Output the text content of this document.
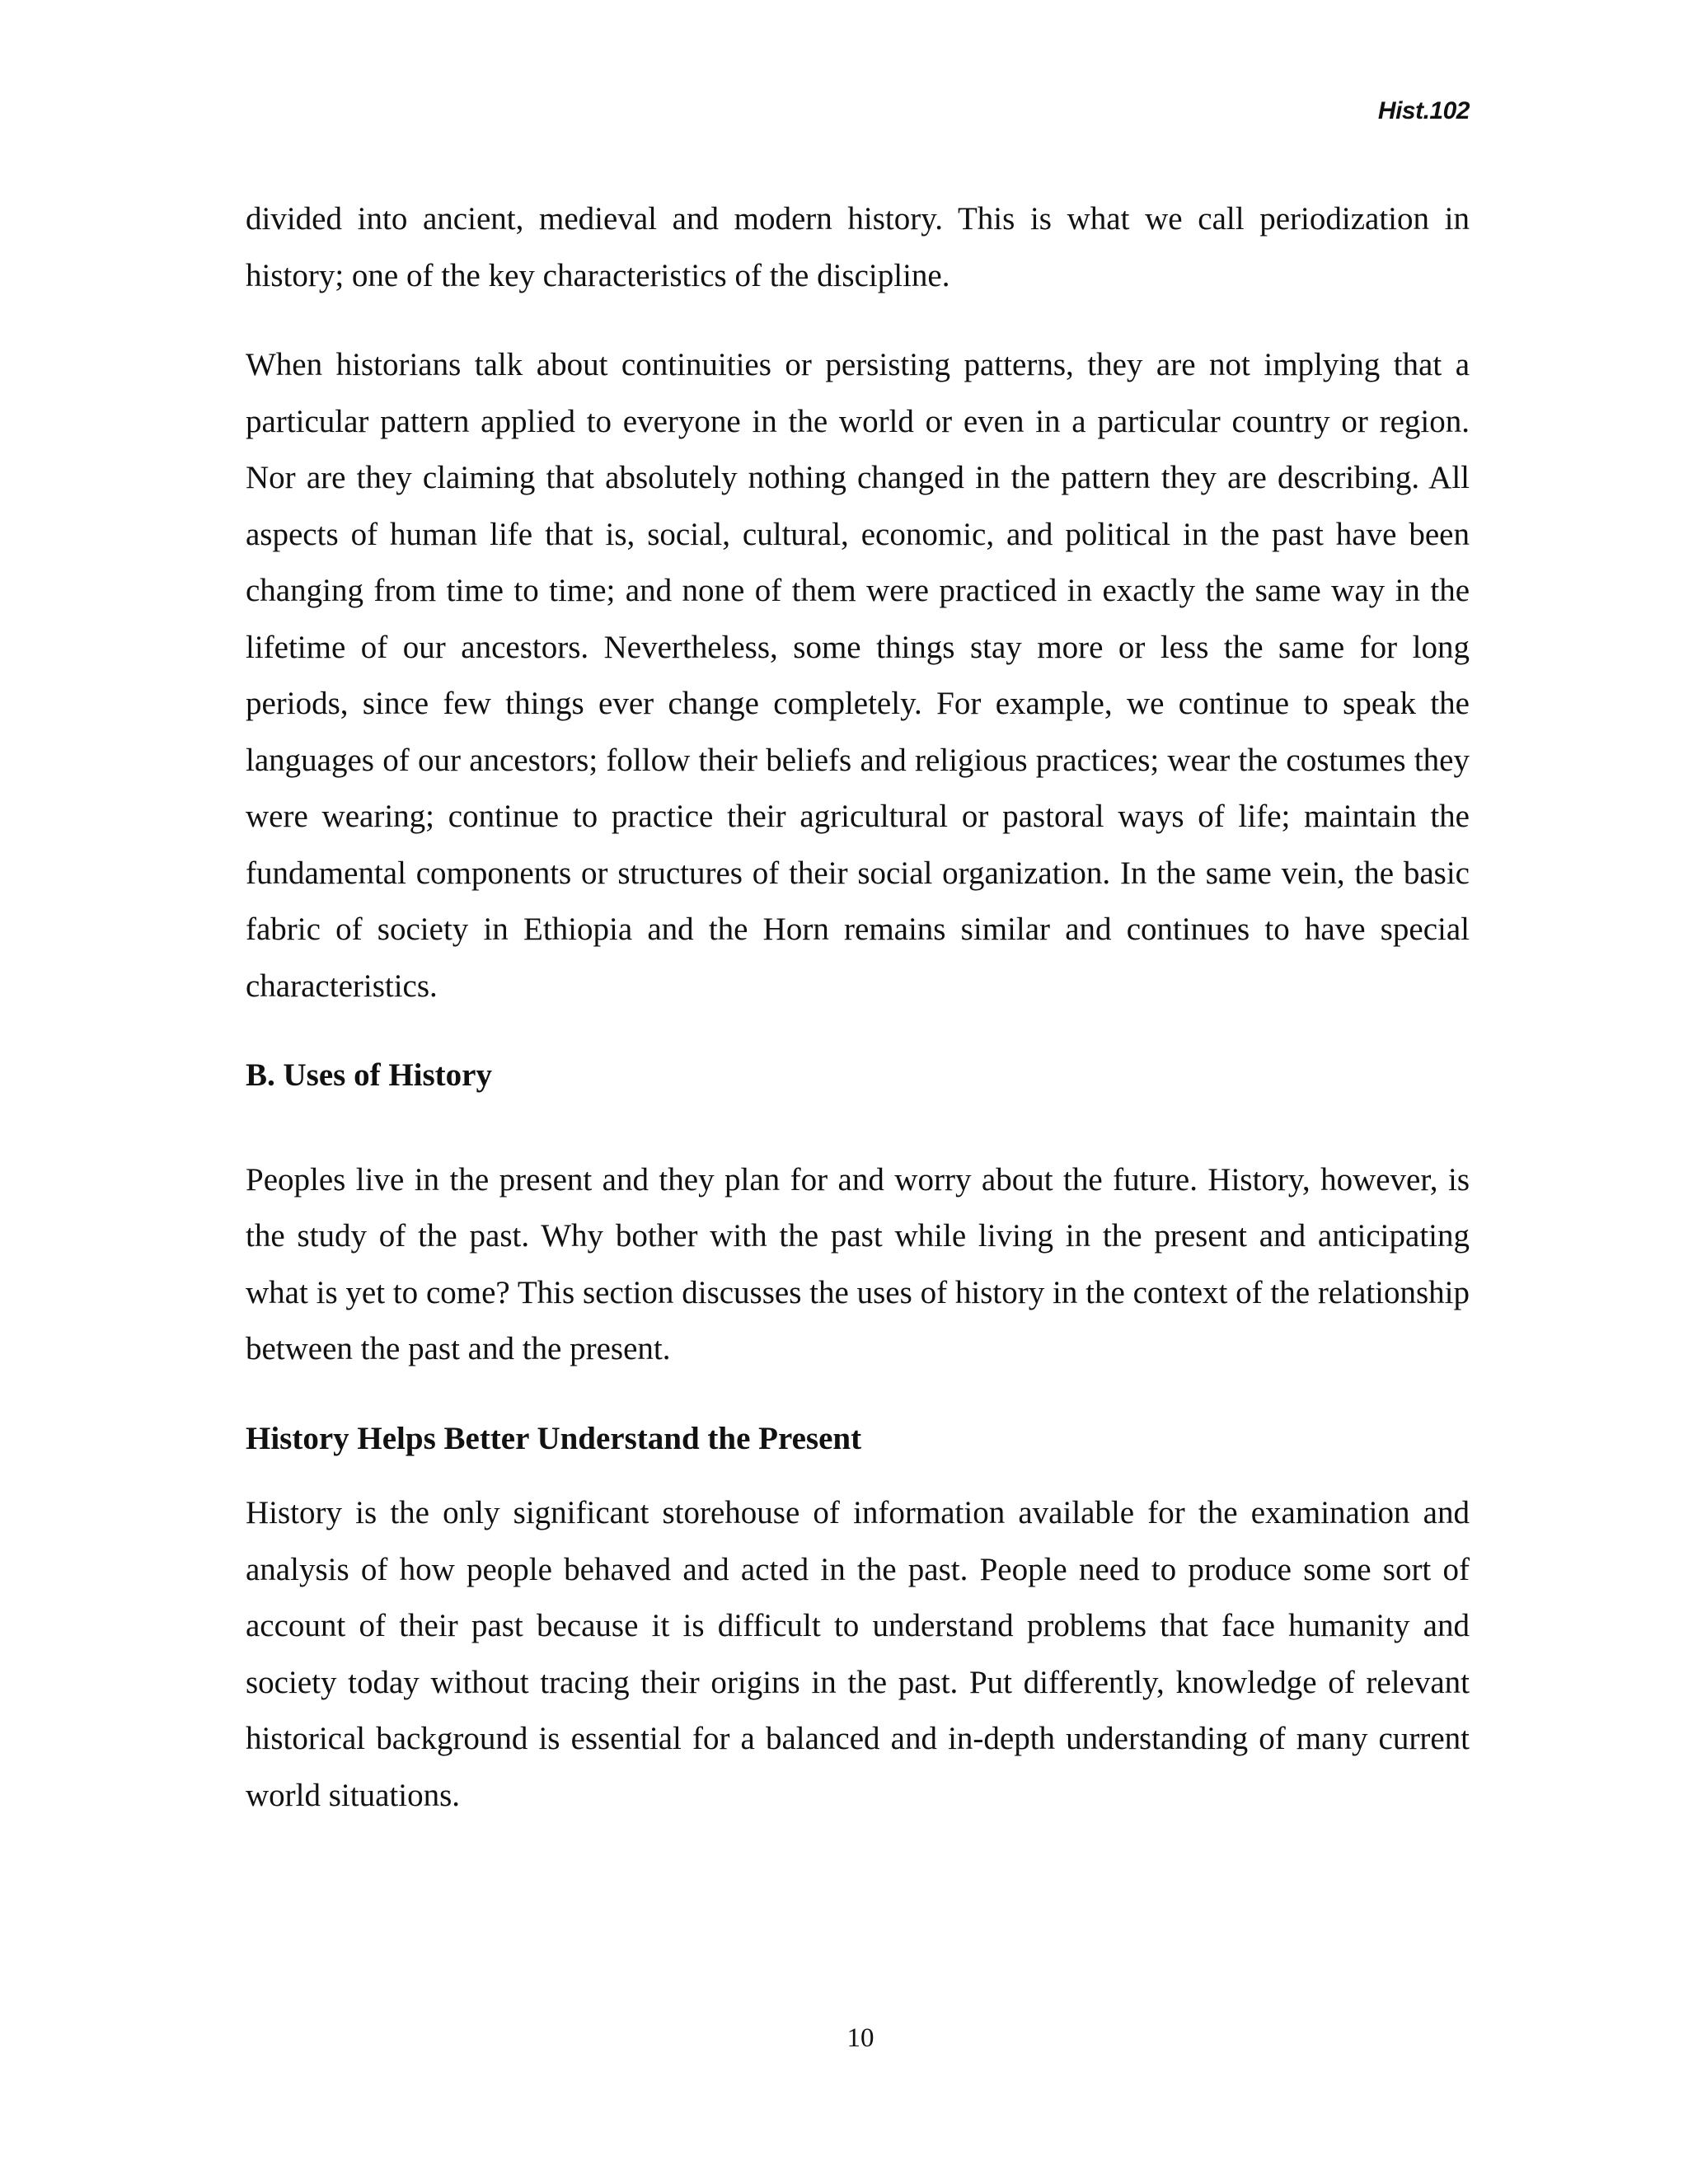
Hist.102

divided into ancient, medieval and modern history. This is what we call periodization in history; one of the key characteristics of the discipline.

When historians talk about continuities or persisting patterns, they are not implying that a particular pattern applied to everyone in the world or even in a particular country or region. Nor are they claiming that absolutely nothing changed in the pattern they are describing. All aspects of human life that is, social, cultural, economic, and political in the past have been changing from time to time; and none of them were practiced in exactly the same way in the lifetime of our ancestors. Nevertheless, some things stay more or less the same for long periods, since few things ever change completely. For example, we continue to speak the languages of our ancestors; follow their beliefs and religious practices; wear the costumes they were wearing; continue to practice their agricultural or pastoral ways of life; maintain the fundamental components or structures of their social organization. In the same vein, the basic fabric of society in Ethiopia and the Horn remains similar and continues to have special characteristics.

B. Uses of History

Peoples live in the present and they plan for and worry about the future. History, however, is the study of the past. Why bother with the past while living in the present and anticipating what is yet to come? This section discusses the uses of history in the context of the relationship between the past and the present.

History Helps Better Understand the Present

History is the only significant storehouse of information available for the examination and analysis of how people behaved and acted in the past. People need to produce some sort of account of their past because it is difficult to understand problems that face humanity and society today without tracing their origins in the past. Put differently, knowledge of relevant historical background is essential for a balanced and in-depth understanding of many current world situations.

10
